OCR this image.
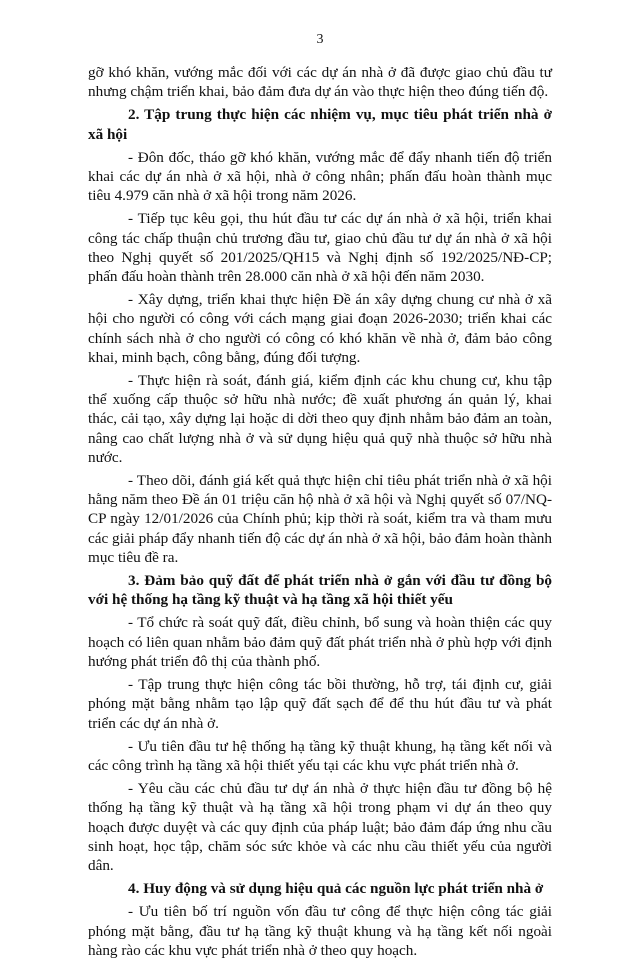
3

gỡ khó khăn, vướng mắc đối với các dự án nhà ở đã được giao chủ đầu tư nhưng chậm triển khai, bảo đảm đưa dự án vào thực hiện theo đúng tiến độ.

2. Tập trung thực hiện các nhiệm vụ, mục tiêu phát triển nhà ở xã hội

- Đôn đốc, tháo gỡ khó khăn, vướng mắc để đẩy nhanh tiến độ triển khai các dự án nhà ở xã hội, nhà ở công nhân; phấn đấu hoàn thành mục tiêu 4.979 căn nhà ở xã hội trong năm 2026.

- Tiếp tục kêu gọi, thu hút đầu tư các dự án nhà ở xã hội, triển khai công tác chấp thuận chủ trương đầu tư, giao chủ đầu tư dự án nhà ở xã hội theo Nghị quyết số 201/2025/QH15 và Nghị định số 192/2025/NĐ-CP; phấn đấu hoàn thành trên 28.000 căn nhà ở xã hội đến năm 2030.

- Xây dựng, triển khai thực hiện Đề án xây dựng chung cư nhà ở xã hội cho người có công với cách mạng giai đoạn 2026-2030; triển khai các chính sách nhà ở cho người có công có khó khăn về nhà ở, đảm bảo công khai, minh bạch, công bằng, đúng đối tượng.

- Thực hiện rà soát, đánh giá, kiểm định các khu chung cư, khu tập thể xuống cấp thuộc sở hữu nhà nước; đề xuất phương án quản lý, khai thác, cải tạo, xây dựng lại hoặc di dời theo quy định nhằm bảo đảm an toàn, nâng cao chất lượng nhà ở và sử dụng hiệu quả quỹ nhà thuộc sở hữu nhà nước.

- Theo dõi, đánh giá kết quả thực hiện chỉ tiêu phát triển nhà ở xã hội hằng năm theo Đề án 01 triệu căn hộ nhà ở xã hội và Nghị quyết số 07/NQ-CP ngày 12/01/2026 của Chính phủ; kịp thời rà soát, kiểm tra và tham mưu các giải pháp đẩy nhanh tiến độ các dự án nhà ở xã hội, bảo đảm hoàn thành mục tiêu đề ra.

3. Đảm bảo quỹ đất để phát triển nhà ở gắn với đầu tư đồng bộ với hệ thống hạ tầng kỹ thuật và hạ tầng xã hội thiết yếu

- Tổ chức rà soát quỹ đất, điều chỉnh, bổ sung và hoàn thiện các quy hoạch có liên quan nhằm bảo đảm quỹ đất phát triển nhà ở phù hợp với định hướng phát triển đô thị của thành phố.

- Tập trung thực hiện công tác bồi thường, hỗ trợ, tái định cư, giải phóng mặt bằng nhằm tạo lập quỹ đất sạch để để thu hút đầu tư và phát triển các dự án nhà ở.

- Ưu tiên đầu tư hệ thống hạ tầng kỹ thuật khung, hạ tầng kết nối và các công trình hạ tầng xã hội thiết yếu tại các khu vực phát triển nhà ở.

- Yêu cầu các chủ đầu tư dự án nhà ở thực hiện đầu tư đồng bộ hệ thống hạ tầng kỹ thuật và hạ tầng xã hội trong phạm vi dự án theo quy hoạch được duyệt và các quy định của pháp luật; bảo đảm đáp ứng nhu cầu sinh hoạt, học tập, chăm sóc sức khỏe và các nhu cầu thiết yếu của người dân.

4. Huy động và sử dụng hiệu quả các nguồn lực phát triển nhà ở

- Ưu tiên bố trí nguồn vốn đầu tư công để thực hiện công tác giải phóng mặt bằng, đầu tư hạ tầng kỹ thuật khung và hạ tầng kết nối ngoài hàng rào các khu vực phát triển nhà ở theo quy hoạch.
